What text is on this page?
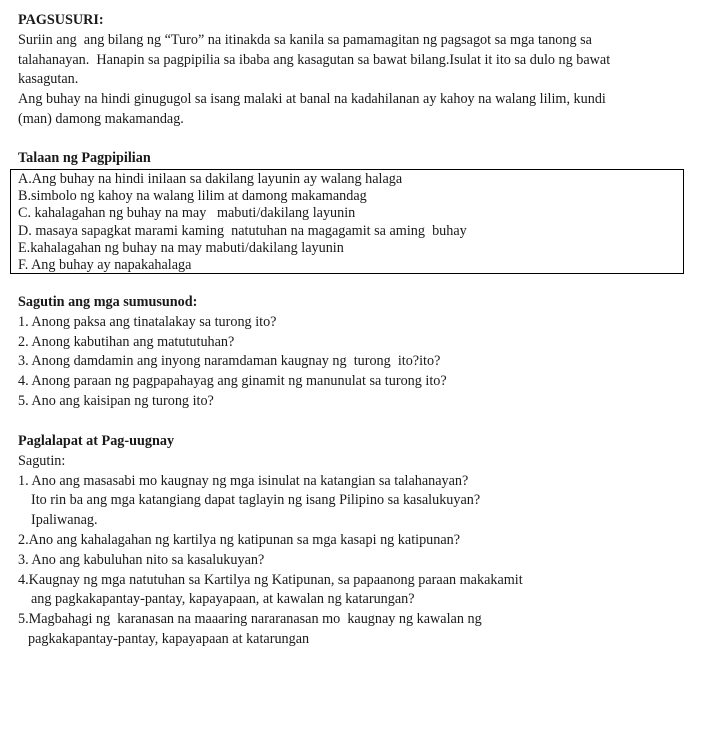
PAGSUSURI:
Suriin ang  ang bilang ng “Turo” na itinakda sa kanila sa pamamagitan ng pagsagot sa mga tanong sa
talahanayan.  Hanapin sa pagpipilia sa ibaba ang kasagutan sa bawat bilang.Isulat it ito sa dulo ng bawat
kasagutan.
Ang buhay na hindi ginugugol sa isang malaki at banal na kadahilanan ay kahoy na walang lilim, kundi
(man) damong makamandag.
Talaan ng Pagpipilian
A.Ang buhay na hindi inilaan sa dakilang layunin ay walang halaga
B.simbolo ng kahoy na walang lilim at damong makamandag
C. kahalagahan ng buhay na may   mabuti/dakilang layunin
D. masaya sapagkat marami kaming  natutuhan na magagamit sa aming  buhay
E.kahalagahan ng buhay na may mabuti/dakilang layunin
F. Ang buhay ay napakahalaga
Sagutin ang mga sumusunod:
1. Anong paksa ang tinatalakay sa turong ito?
2. Anong kabutihan ang matututuhan?
3. Anong damdamin ang inyong naramdaman kaugnay ng  turong  ito?ito?
4. Anong paraan ng pagpapahayag ang ginamit ng manunulat sa turong ito?
5. Ano ang kaisipan ng turong ito?
Paglalapat at Pag-uugnay
Sagutin:
1. Ano ang masasabi mo kaugnay ng mga isinulat na katangian sa talahanayan?
Ito rin ba ang mga katangiang dapat taglayin ng isang Pilipino sa kasalukuyan?
Ipaliwanag.
2.Ano ang kahalagahan ng kartilya ng katipunan sa mga kasapi ng katipunan?
3. Ano ang kabuluhan nito sa kasalukuyan?
4.Kaugnay ng mga natutuhan sa Kartilya ng Katipunan, sa papaanong paraan makakamit
ang pagkakapantay-pantay, kapayapaan, at kawalan ng katarungan?
5.Magbahagi ng  karanasan na maaaring nararanasan mo  kaugnay ng kawalan ng
pagkakapantay-pantay, kapayapaan at katarungan
